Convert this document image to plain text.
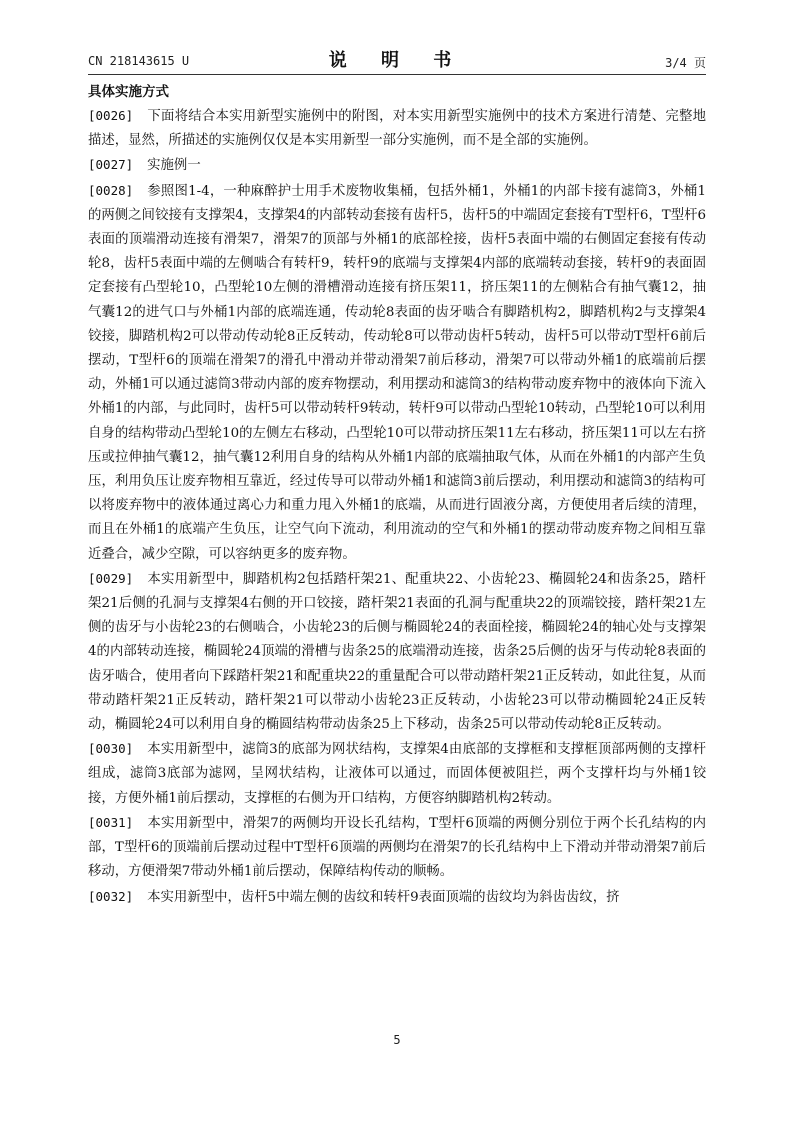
CN 218143615 U	说 明 书	3/4 页

具体实施方式

[0026] 下面将结合本实用新型实施例中的附图，对本实用新型实施例中的技术方案进行清楚、完整地描述，显然，所描述的实施例仅仅是本实用新型一部分实施例，而不是全部的实施例。

[0027] 实施例一

[0028] 参照图1-4，一种麻醉护士用手术废物收集桶，包括外桶1，外桶1的内部卡接有滤筒3，外桶1的两侧之间铰接有支撑架4，支撑架4的内部转动套接有齿杆5，齿杆5的中端固定套接有T型杆6，T型杆6表面的顶端滑动连接有滑架7，滑架7的顶部与外桶1的底部栓接，齿杆5表面中端的右侧固定套接有传动轮8，齿杆5表面中端的左侧啮合有转杆9，转杆9的底端与支撑架4内部的底端转动套接，转杆9的表面固定套接有凸型轮10，凸型轮10左侧的滑槽滑动连接有挤压架11，挤压架11的左侧粘合有抽气囊12，抽气囊12的进气口与外桶1内部的底端连通，传动轮8表面的齿牙啮合有脚踏机构2，脚踏机构2与支撑架4铰接，脚踏机构2可以带动传动轮8正反转动，传动轮8可以带动齿杆5转动，齿杆5可以带动T型杆6前后摆动，T型杆6的顶端在滑架7的滑孔中滑动并带动滑架7前后移动，滑架7可以带动外桶1的底端前后摆动，外桶1可以通过滤筒3带动内部的废弃物摆动，利用摆动和滤筒3的结构带动废弃物中的液体向下流入外桶1的内部，与此同时，齿杆5可以带动转杆9转动，转杆9可以带动凸型轮10转动，凸型轮10可以利用自身的结构带动凸型轮10的左侧左右移动，凸型轮10可以带动挤压架11左右移动，挤压架11可以左右挤压或拉伸抽气囊12，抽气囊12利用自身的结构从外桶1内部的底端抽取气体，从而在外桶1的内部产生负压，利用负压让废弃物相互靠近，经过传导可以带动外桶1和滤筒3前后摆动，利用摆动和滤筒3的结构可以将废弃物中的液体通过离心力和重力甩入外桶1的底端，从而进行固液分离，方便使用者后续的清理，而且在外桶1的底端产生负压，让空气向下流动，利用流动的空气和外桶1的摆动带动废弃物之间相互靠近叠合，减少空隙，可以容纳更多的废弃物。

[0029] 本实用新型中，脚踏机构2包括踏杆架21、配重块22、小齿轮23、椭圆轮24和齿条25，踏杆架21后侧的孔洞与支撑架4右侧的开口铰接，踏杆架21表面的孔洞与配重块22的顶端铰接，踏杆架21左侧的齿牙与小齿轮23的右侧啮合，小齿轮23的后侧与椭圆轮24的表面栓接，椭圆轮24的轴心处与支撑架4的内部转动连接，椭圆轮24顶端的滑槽与齿条25的底端滑动连接，齿条25后侧的齿牙与传动轮8表面的齿牙啮合，使用者向下踩踏杆架21和配重块22的重量配合可以带动踏杆架21正反转动，如此往复，从而带动踏杆架21正反转动，踏杆架21可以带动小齿轮23正反转动，小齿轮23可以带动椭圆轮24正反转动，椭圆轮24可以利用自身的椭圆结构带动齿条25上下移动，齿条25可以带动传动轮8正反转动。

[0030] 本实用新型中，滤筒3的底部为网状结构，支撑架4由底部的支撑框和支撑框顶部两侧的支撑杆组成，滤筒3底部为滤网，呈网状结构，让液体可以通过，而固体便被阻拦，两个支撑杆均与外桶1铰接，方便外桶1前后摆动，支撑框的右侧为开口结构，方便容纳脚踏机构2转动。

[0031] 本实用新型中，滑架7的两侧均开设长孔结构，T型杆6顶端的两侧分别位于两个长孔结构的内部，T型杆6的顶端前后摆动过程中T型杆6顶端的两侧均在滑架7的长孔结构中上下滑动并带动滑架7前后移动，方便滑架7带动外桶1前后摆动，保障结构传动的顺畅。

[0032] 本实用新型中，齿杆5中端左侧的齿纹和转杆9表面顶端的齿纹均为斜齿齿纹，挤

5
